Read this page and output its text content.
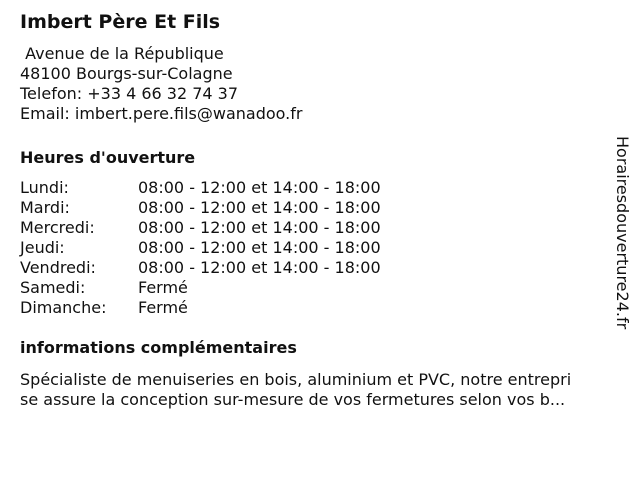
Imbert Père Et Fils
Avenue de la République
48100 Bourgs-sur-Colagne
Telefon: +33 4 66 32 74 37
Email: imbert.pere.fils@wanadoo.fr
Heures d'ouverture
Lundi:	08:00 - 12:00 et 14:00 - 18:00
Mardi:	08:00 - 12:00 et 14:00 - 18:00
Mercredi:	08:00 - 12:00 et 14:00 - 18:00
Jeudi:	08:00 - 12:00 et 14:00 - 18:00
Vendredi:	08:00 - 12:00 et 14:00 - 18:00
Samedi:	Fermé
Dimanche:	Fermé
informations complémentaires
Spécialiste de menuiseries en bois, aluminium et PVC, notre entrepri
se assure la conception sur-mesure de vos fermetures selon vos b...
Horairesdouverture24.fr
